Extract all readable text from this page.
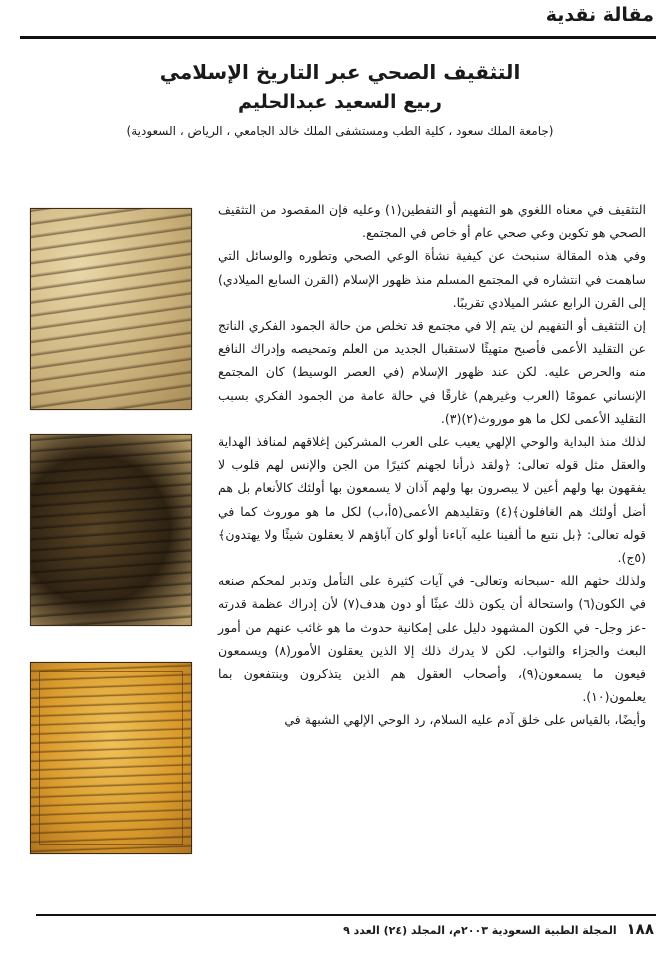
مقالة نقدية
التثقيف الصحي عبر التاريخ الإسلامي
ربيع السعيد عبدالحليم

(جامعة الملك سعود ، كلية الطب ومستشفى الملك خالد الجامعي ، الرياض ، السعودية)

التثقيف في معناه اللغوي هو التفهيم أو التفطين(١) وعليه فإن المقصود من التثقيف الصحي هو تكوين وعي صحي عام أو خاص في المجتمع.

وفي هذه المقالة سنبحث عن كيفية نشأة الوعي الصحي وتطوره والوسائل التي ساهمت في انتشاره في المجتمع المسلم منذ ظهور الإسلام (القرن السابع الميلادي) إلى القرن الرابع عشر الميلادي تقريبًا.

إن التثقيف أو التفهيم لن يتم إلا في مجتمع قد تخلص من حالة الجمود الفكري الناتج عن التقليد الأعمى فأصبح متهيئًا لاستقبال الجديد من العلم وتمحيصه وإدراك النافع منه والحرص عليه. لكن عند ظهور الإسلام (في العصر الوسيط) كان المجتمع الإنساني عمومًا (العرب وغيرهم) غارقًا في حالة عامة من الجمود الفكري بسبب التقليد الأعمى لكل ما هو موروث(٢)(٣).

لذلك منذ البداية والوحي الإلهي يعيب على العرب المشركين إغلاقهم لمنافذ الهداية والعقل مثل قوله تعالى: ﴿ولقد ذرأنا لجهنم كثيرًا من الجن والإنس لهم قلوب لا يفقهون بها ولهم أعين لا يبصرون بها ولهم آذان لا يسمعون بها أولئك كالأنعام بل هم أضل أولئك هم الغافلون﴾(٤) وتقليدهم الأعمى(٥أ،ب) لكل ما هو موروث كما في قوله تعالى: ﴿بل نتبع ما ألفينا عليه آباءنا أولو كان آباؤهم لا يعقلون شيئًا ولا يهتدون﴾(٥ج).

ولذلك حثهم الله -سبحانه وتعالى- في آيات كثيرة على التأمل وتدبر لمحكم صنعه في الكون(٦) واستحالة أن يكون ذلك عبثًا أو دون هدف(٧) لأن إدراك عظمة قدرته -عز وجل- في الكون المشهود دليل على إمكانية حدوث ما هو غائب عنهم من أمور البعث والجزاء والثواب. لكن لا يدرك ذلك إلا الذين يعقلون الأمور(٨) ويسمعون فيعون ما يسمعون(٩)، وأصحاب العقول هم الذين يتذكرون وينتفعون بما يعلمون(١٠).

وأيضًا، بالقياس على خلق آدم عليه السلام، رد الوحي الإلهي الشبهة في

١٨٨ المجلة الطبية السعودية ٢٠٠٣م، المجلد (٢٤) العدد ٩
